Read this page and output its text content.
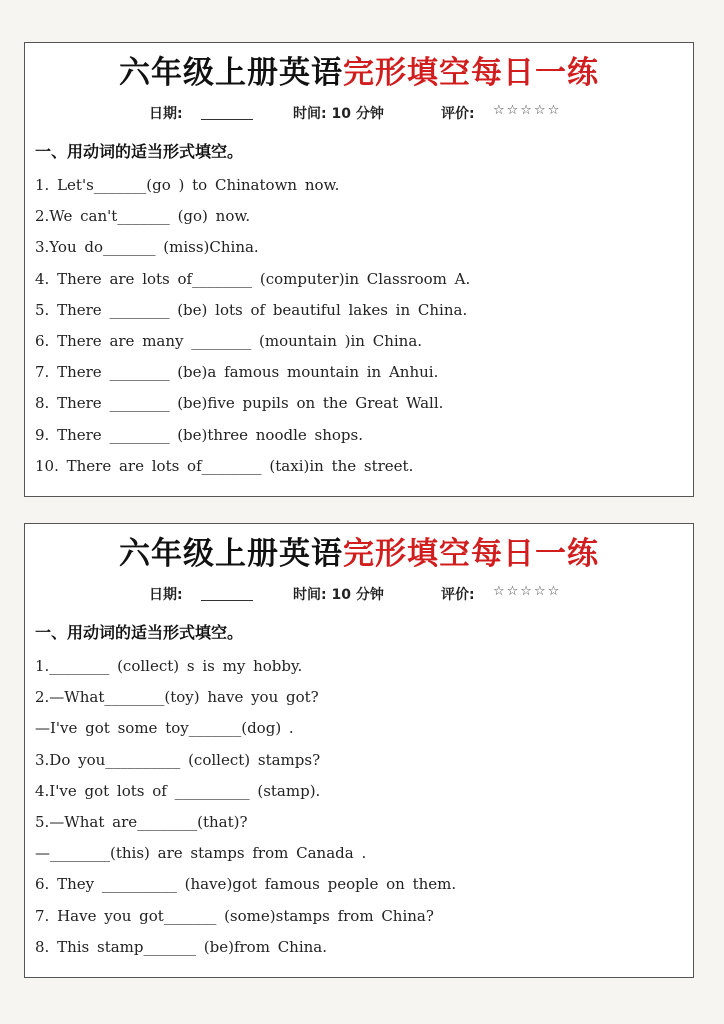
六年级上册英语完形填空每日一练
日期:	时间: 10 分钟	评价: ☆☆☆☆☆
一、用动词的适当形式填空。
1. Let's_______(go ) to Chinatown now.
2.We can't_______ (go) now.
3.You do_______ (miss)China.
4. There are lots of________ (computer)in Classroom A.
5. There ________ (be) lots of beautiful lakes in China.
6. There are many ________ (mountain )in China.
7. There ________ (be)a famous mountain in Anhui.
8. There ________ (be)five pupils on the Great Wall.
9. There ________ (be)three noodle shops.
10. There are lots of________ (taxi)in the street.
六年级上册英语完形填空每日一练
日期:	时间: 10 分钟	评价: ☆☆☆☆☆
一、用动词的适当形式填空。
1.________ (collect) s is my hobby.
2.—What________(toy) have you got?
—I've got some toy_______(dog) .
3.Do you__________ (collect) stamps?
4.I've got lots of __________ (stamp).
5.—What are________(that)?
—________(this) are stamps from Canada .
6. They __________ (have)got famous people on them.
7. Have you got_______ (some)stamps from China?
8. This stamp_______ (be)from China.
